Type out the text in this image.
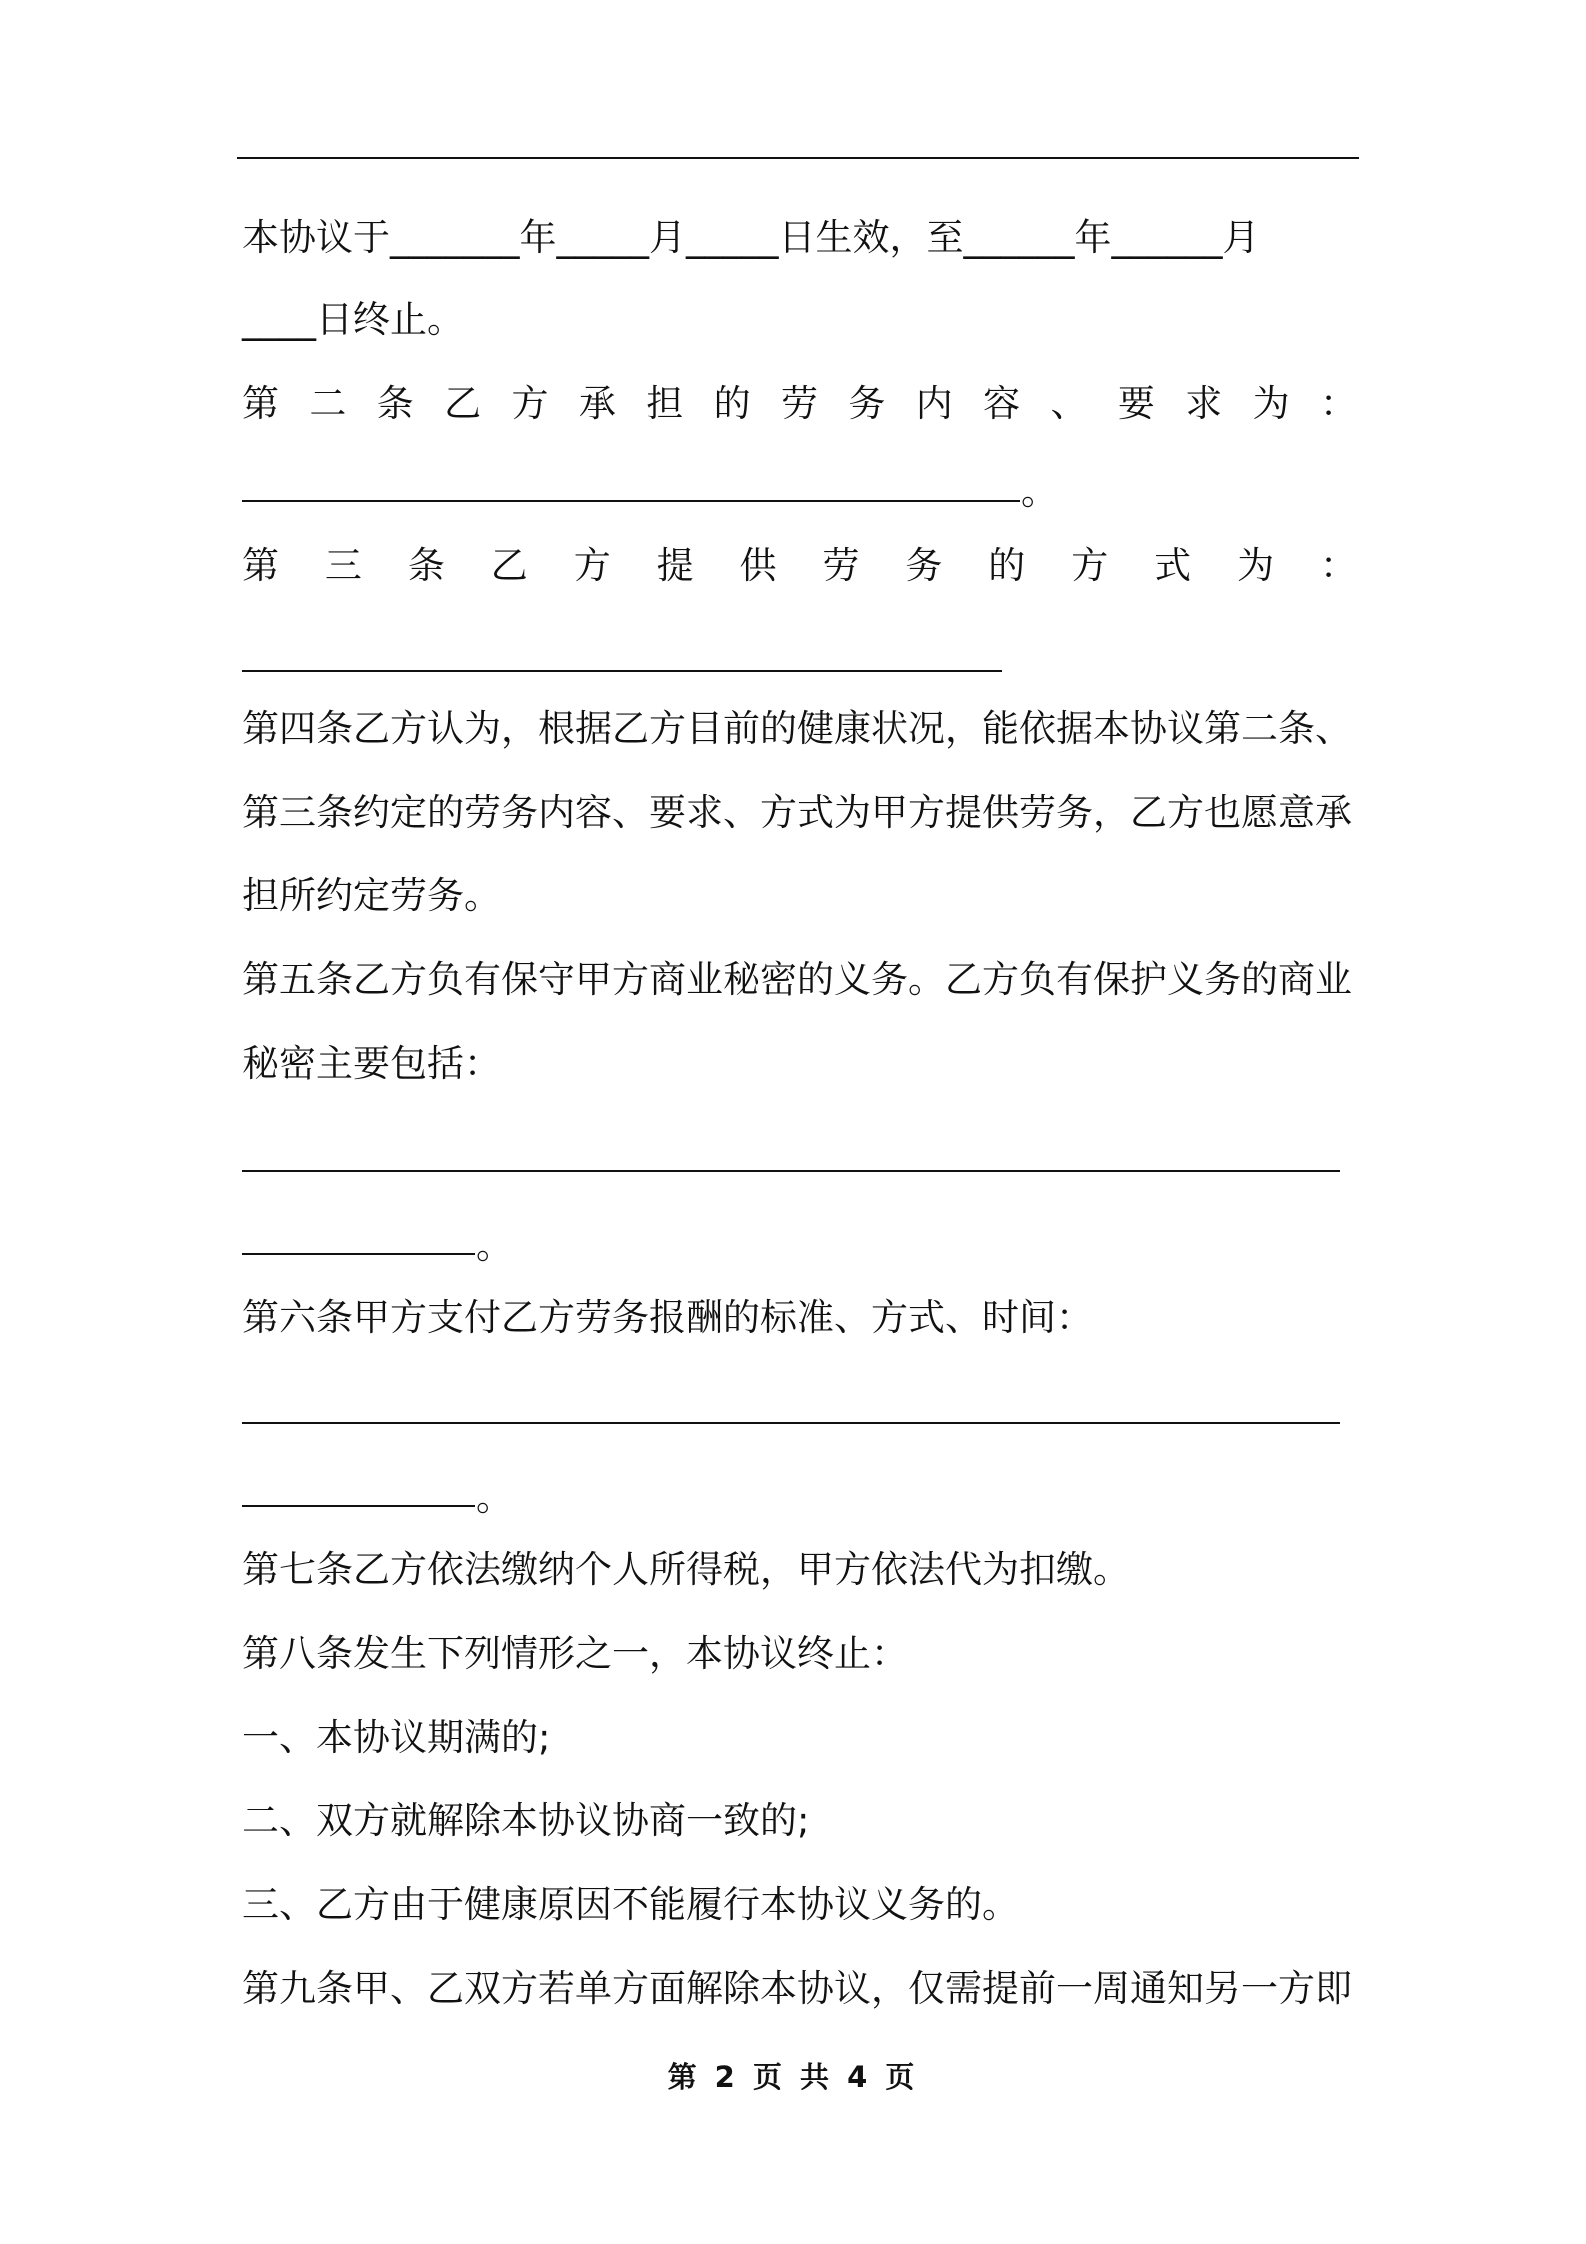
本协议于_______年_____月_____日生效，至______年______月
____日终止。
第 二 条 乙 方 承 担 的 劳 务 内 容 、 要 求 为 ：
。
第 三 条 乙 方 提 供 劳 务 的 方 式 为 ：
第四条乙方认为，根据乙方目前的健康状况，能依据本协议第二条、
第三条约定的劳务内容、要求、方式为甲方提供劳务，乙方也愿意承
担所约定劳务。
第五条乙方负有保守甲方商业秘密的义务。乙方负有保护义务的商业
秘密主要包括：
。
第六条甲方支付乙方劳务报酬的标准、方式、时间：
。
第七条乙方依法缴纳个人所得税，甲方依法代为扣缴。
第八条发生下列情形之一，本协议终止：
一、本协议期满的;
二、双方就解除本协议协商一致的;
三、乙方由于健康原因不能履行本协议义务的。
第九条甲、乙双方若单方面解除本协议，仅需提前一周通知另一方即
第 2 页 共 4 页
